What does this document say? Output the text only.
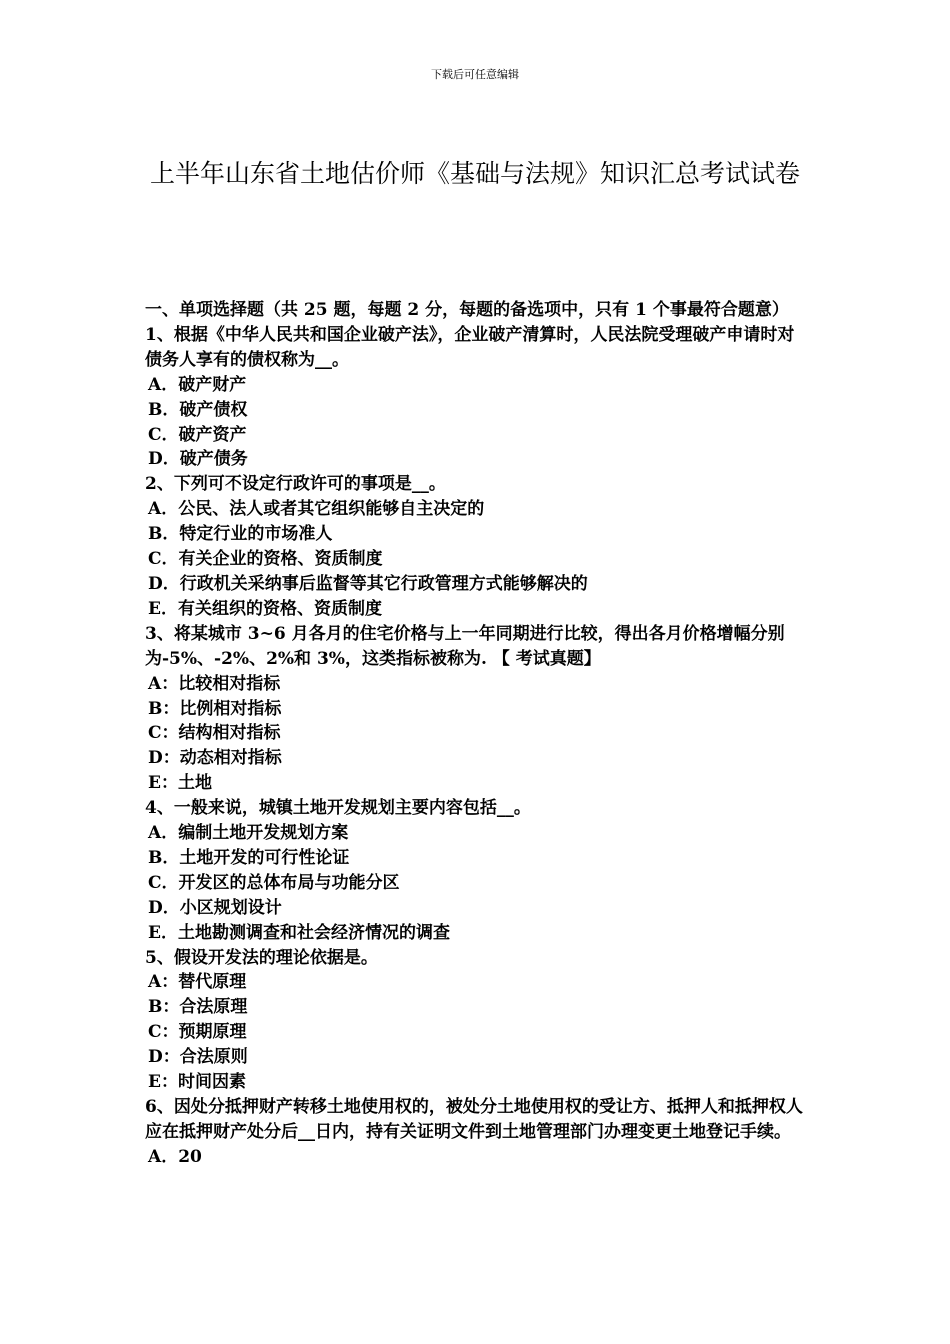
下载后可任意编辑
上半年山东省土地估价师《基础与法规》知识汇总考试试卷
一、单项选择题（共 25 题，每题 2 分，每题的备选项中，只有 1 个事最符合题意）
1、根据《中华人民共和国企业破产法》，企业破产清算时，人民法院受理破产申请时对债务人享有的债权称为__。
A．破产财产
B．破产债权
C．破产资产
D．破产债务
2、下列可不设定行政许可的事项是__。
A．公民、法人或者其它组织能够自主决定的
B．特定行业的市场准人
C．有关企业的资格、资质制度
D．行政机关采纳事后监督等其它行政管理方式能够解决的
E．有关组织的资格、资质制度
3、将某城市 3~6 月各月的住宅价格与上一年同期进行比较，得出各月价格增幅分别为-5%、-2%、2%和 3%，这类指标被称为. 【 考试真题】
A：比较相对指标
B：比例相对指标
C：结构相对指标
D：动态相对指标
E：土地
4、一般来说，城镇土地开发规划主要内容包括__。
A．编制土地开发规划方案
B．土地开发的可行性论证
C．开发区的总体布局与功能分区
D．小区规划设计
E．土地勘测调查和社会经济情况的调查
5、假设开发法的理论依据是。
A：替代原理
B：合法原理
C：预期原理
D：合法原则
E：时间因素
6、因处分抵押财产转移土地使用权的，被处分土地使用权的受让方、抵押人和抵押权人应在抵押财产处分后__日内，持有关证明文件到土地管理部门办理变更土地登记手续。
A．20
